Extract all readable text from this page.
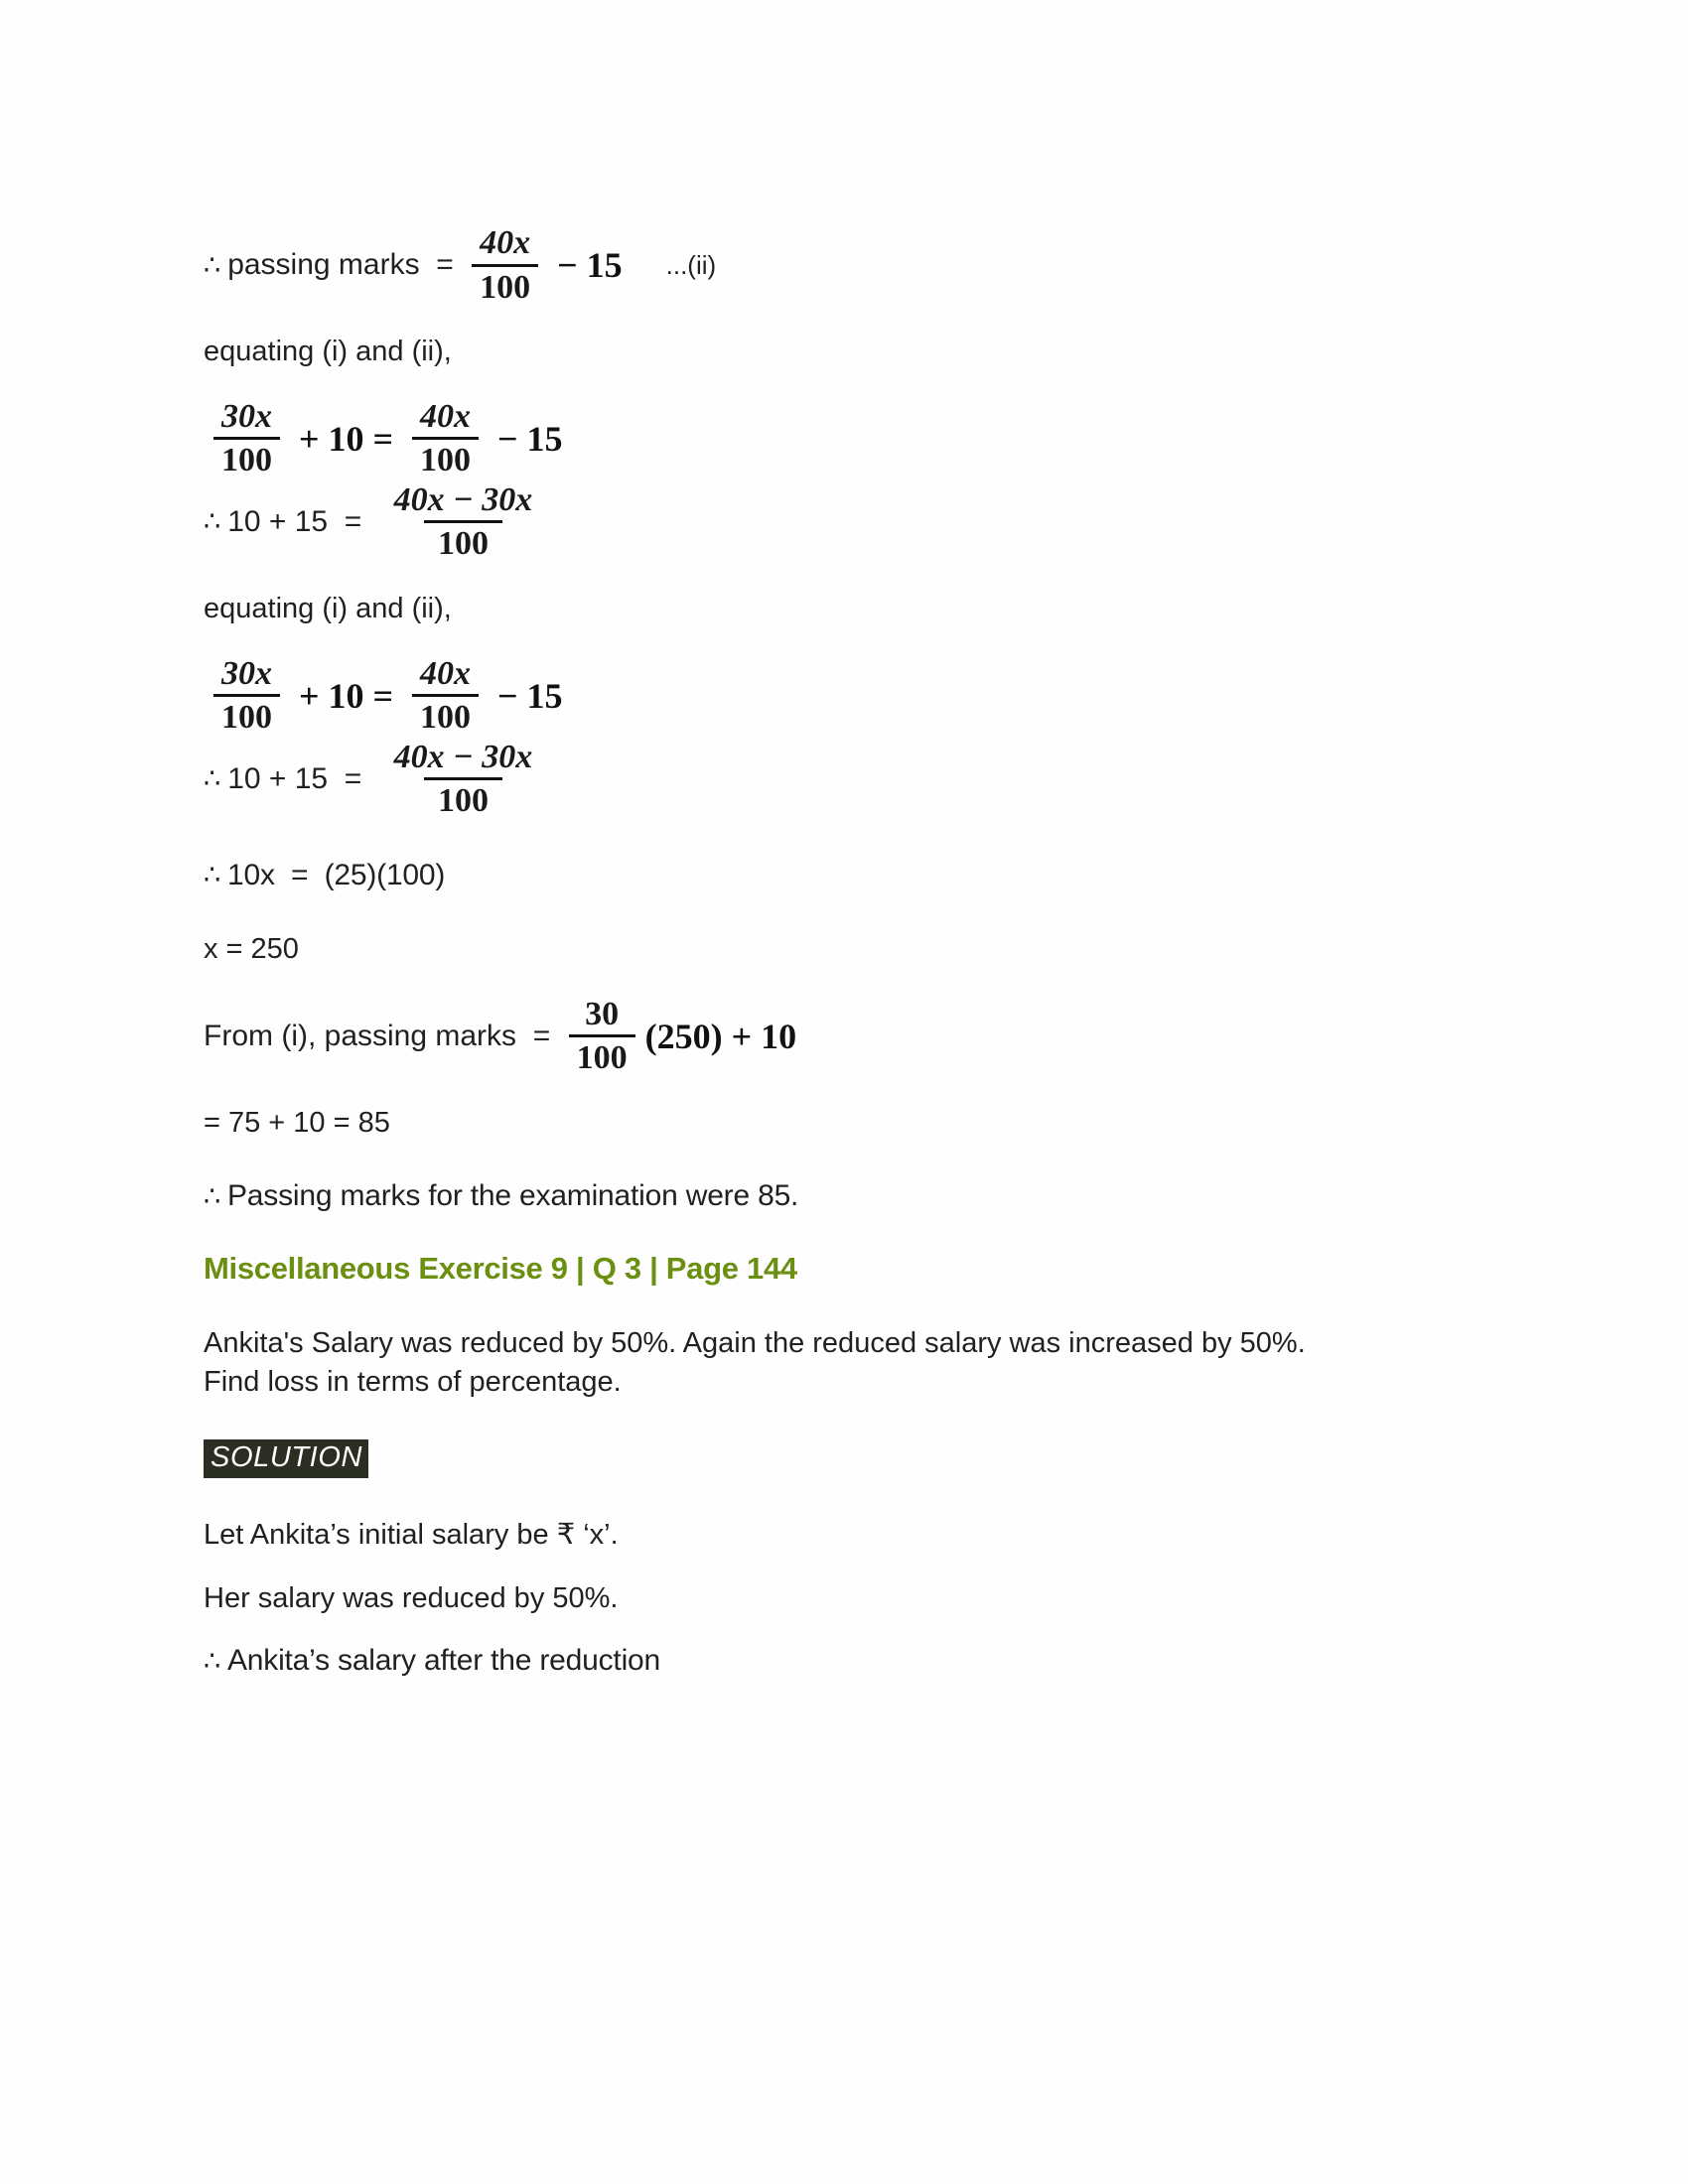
∴ passing marks  = $\frac{40x}{100} - 15$ ...(ii)
equating (i) and (ii),
$\frac{30x}{100} + 10 = \frac{40x}{100} - 15$
∴ $10 + 15 = \frac{40x - 30x}{100}$
equating (i) and (ii),
$\frac{30x}{100} + 10 = \frac{40x}{100} - 15$
∴ $10 + 15 = \frac{40x - 30x}{100}$
∴ 10x  =  (25)(100)
x = 250
From (i), passing marks  = $\frac{30}{100} (250) + 10$
= 75 + 10 = 85
∴ Passing marks for the examination were 85.
Miscellaneous Exercise 9 | Q 3 | Page 144
Ankita's Salary was reduced by 50%. Again the reduced salary was increased by 50%.
Find loss in terms of percentage.
SOLUTION
Let Ankita’s initial salary be ₹ ‘x’.
Her salary was reduced by 50%.
∴ Ankita’s salary after the reduction
